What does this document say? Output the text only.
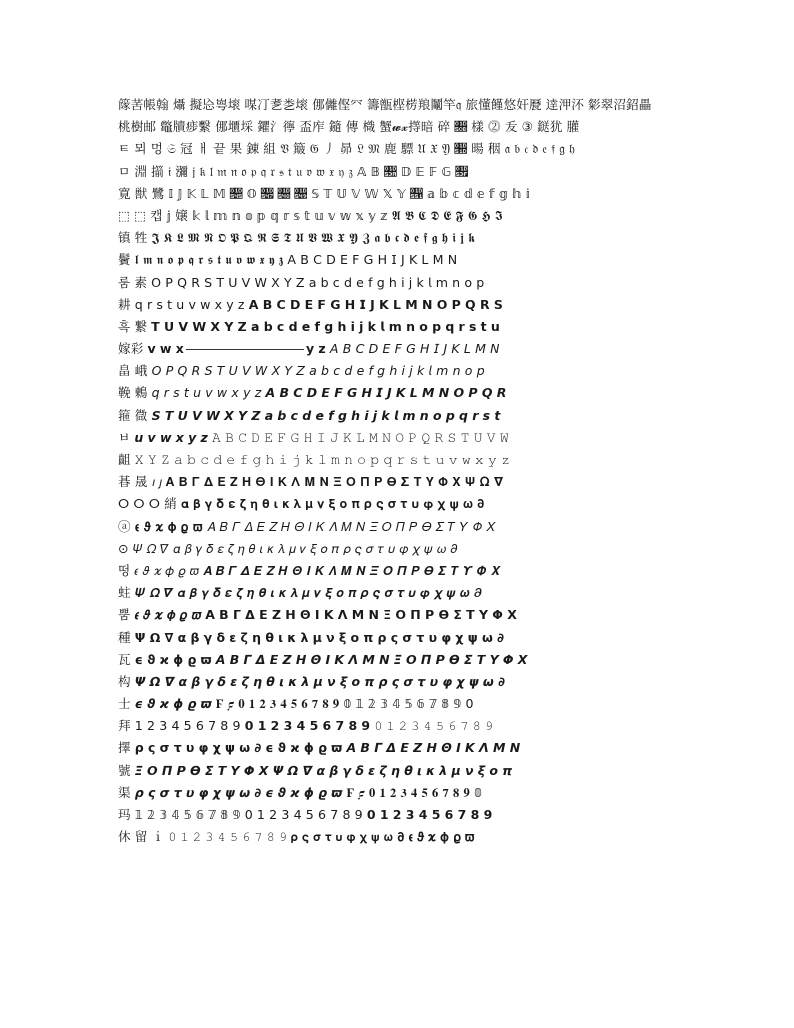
䉌䒷帳翰 㸎 擬㤀㟧㙥 㖼㓅㐗㐘㙥 㑚㒧㑠㓁 籌甑㭴㭶羪鬮竿𝔮 旅懂饉悠奸㽁 逹㳌㳅 㣓翠沼鉊畾
桃樹邮 鼈牘㾟繫 㑚㙺埰 鑺氵㣷 盃㡸 䥦 傳 樴 蟹𝔀𝔁㩐暗 碎 𝔋 樣 ⓶ 叐 ③ 鎹犹 䑏
ㅌ 뫼 멍 𝔖 冠 ㅐ 끝 果 錬 組 𝔙 簸 𝔊 丿 昴 𝔏 𝔐 鹿 驃 𝔘 𝔛 𝔜 𝔝 暘 秵 𝔞 𝔟 𝔠 𝔡 𝔢 𝔣 𝔤 𝔥
ㅁ 淵 擶 𝔦 瀰 𝔧 𝔨 𝔩 𝔪 𝔫 𝔬 𝔭 𝔮 𝔯 𝔰 𝔱 𝔲 𝔳 𝔴 𝔵 𝔶 𝔷 𝔸 𝔹 𝔺 𝔻 𝔼 𝔽 𝔾 𝔿
寛 獣 鷺 𝕀 𝕁 𝕂 𝕃 𝕄 𝕅 𝕆 𝕇 𝕈 𝕉 𝕊 𝕋 𝕌 𝕍 𝕎 𝕏 𝕐 𝕑 𝕒 𝕓 𝕔 𝕕 𝕖 𝕗 𝕘 𝕙 𝕚
⬚ ⬚ 캡 𝕛 嬢 𝕜 𝕝 𝕞 𝕟 𝕠 𝕡 𝕢 𝕣 𝕤 𝕥 𝕦 𝕧 𝕨 𝕩 𝕪 𝕫 𝕬 𝕭 𝕮 𝕯 𝕰 𝕱 𝕲 𝕳 𝕴
镇 牲 𝕵 𝕶 𝕷 𝕸 𝕹 𝕺 𝕻 𝕼 𝕽 𝕾 𝕿 𝖀 𝖁 𝖂 𝖃 𝖄 𝖅 𝖆 𝖇 𝖈 𝖉 𝖊 𝖋 𝖌 𝖍 𝖎 𝖏 𝖐
鬢 𝖑 𝖒 𝖓 𝖔 𝖕 𝖖 𝖗 𝖘 𝖙 𝖚 𝖛 𝖜 𝖝 𝖞 𝖟 𝖠 𝖡 𝖢 𝖣 𝖤 𝖥 𝖦 𝖧 𝖨 𝖩 𝖪 𝖫 𝖬 𝖭
룸 素 𝖮 𝖯 𝖰 𝖱 𝖲 𝖳 𝖴 𝖵 𝖶 𝖷 𝖸 𝖹 𝖺 𝖻 𝖼 𝖽 𝖾 𝖿 𝗀 𝗁 𝗂 𝗃 𝗄 𝗅 𝗆 𝗇 𝗈 𝗉
耕 𝗊 𝗋 𝗌 𝗍 𝗎 𝗏 𝗐 𝗑 𝗒 𝗓 𝗔 𝗕 𝗖 𝗗 𝗘 𝗙 𝗚 𝗛 𝗜 𝗝 𝗞 𝗟 𝗠 𝗡 𝗢 𝗣 𝗤 𝗥 𝗦
흑 繋 𝗧 𝗨 𝗩 𝗪 𝗫 𝗬 𝗭 𝗮 𝗯 𝗰 𝗱 𝗲 𝗳 𝗴 𝗵 𝗶 𝗷 𝗸 𝗹 𝗺 𝗻 𝗼 𝗽 𝗾 𝗿 𝘀 𝘁 𝘂
嫁彩 𝘃 𝘄 𝘅	𝘆 𝘇 𝘈 𝘉 𝘊 𝘋 𝘌 𝘍 𝘎 𝘏 𝘐 𝘑 𝘒 𝘓 𝘔 𝘕
畠 峨 𝘖 𝘗 𝘘 𝘙 𝘚 𝘛 𝘜 𝘝 𝘞 𝘟 𝘠 𝘡 𝘢 𝘣 𝘤 𝘥 𝘦 𝘧 𝘨 𝘩 𝘪 𝘫 𝘬 𝘭 𝘮 𝘯 𝘰 𝘱
鞔 鶫 𝘲 𝘳 𝘴 𝘵 𝘶 𝘷 𝘸 𝘹 𝘺 𝘻 𝘼 𝘽 𝘾 𝘿 𝙀 𝙁 𝙂 𝙃 𝙄 𝙅 𝙆 𝙇 𝙈 𝙉 𝙊 𝙋 𝙌 𝙍
箍 㣲 𝙎 𝙏 𝙐 𝙑 𝙒 𝙓 𝙔 𝙕 𝙖 𝙗 𝙘 𝙙 𝙚 𝙛 𝙜 𝙝 𝙞 𝙟 𝙠 𝙡 𝙢 𝙣 𝙤 𝙥 𝙦 𝙧 𝙨 𝙩
ㅂ 𝙪 𝙫 𝙬 𝙭 𝙮 𝙯 𝙰 𝙱 𝙲 𝙳 𝙴 𝙵 𝙶 𝙷 𝙸 𝙹 𝙺 𝙻 𝙼 𝙽 𝙾 𝙿 𝚀 𝚁 𝚂 𝚃 𝚄 𝚅 𝚆
齟 𝚇 𝚈 𝚉 𝚊 𝚋 𝚌 𝚍 𝚎 𝚏 𝚐 𝚑 𝚒 𝚓 𝚔 𝚕 𝚖 𝚗 𝚘 𝚙 𝚚 𝚛 𝚜 𝚝 𝚞 𝚟 𝚠 𝚡 𝚢 𝚣
㫷 晟 𝚤 𝚥 𝚨 𝚩 𝚪 𝚫 𝚬 𝚭 𝚮 𝚯 𝚰 𝚱 𝚲 𝚳 𝚴 𝚵 𝚶 𝚷 𝚸 𝚹 𝚺 𝚻 𝚼 𝚽 𝚾 𝚿 𝛀 𝛁
ⵔ ⵔ ⵔ 綃 𝛂 𝛃 𝛄 𝛅 𝛆 𝛇 𝛈 𝛉 𝛊 𝛋 𝛌 𝛍 𝛎 𝛏 𝛐 𝛑 𝛒 𝛓 𝛔 𝛕 𝛖 𝛗 𝛘 𝛙 𝛚 𝛛
ⓐ 𝛜 𝛝 𝛞 𝛟 𝛠 𝛡 𝛢 𝛣 𝛤 𝛥 𝛦 𝛧 𝛨 𝛩 𝛪 𝛫 𝛬 𝛭 𝛮 𝛯 𝛰 𝛱 𝛲 𝛳 𝛴 𝛵 𝛶 𝛷 𝛸
⊙ 𝛹 𝛺 𝛻 𝛼 𝛽 𝛾 𝛿 𝜀 𝜁 𝜂 𝜃 𝜄 𝜅 𝜆 𝜇 𝜈 𝜉 𝜊 𝜋 𝜌 𝜍 𝜎 𝜏 𝜐 𝜑 𝜒 𝜓 𝜔 𝜕
떵 𝜖 𝜗 𝜘 𝜙 𝜚 𝜛 𝜜 𝜝 𝜞 𝜟 𝜠 𝜡 𝜢 𝜣 𝜤 𝜥 𝜦 𝜧 𝜨 𝜩 𝜪 𝜫 𝜬 𝜭 𝜮 𝜯 𝜰 𝜱 𝜲
蛀 𝜳 𝜴 𝜵 𝜶 𝜷 𝜸 𝜹 𝜺 𝜻 𝜼 𝜽 𝜾 𝜿 𝝀 𝝁 𝝂 𝝃 𝝄 𝝅 𝝆 𝝇 𝝈 𝝉 𝝊 𝝋 𝝌 𝝍 𝝎 𝝏
뿜 𝝐 𝝑 𝝒 𝝓 𝝔 𝝕 𝝖 𝝗 𝝘 𝝙 𝝚 𝝛 𝝜 𝝝 𝝞 𝝟 𝝠 𝝡 𝝢 𝝣 𝝤 𝝥 𝝦 𝝧 𝝨 𝝩 𝝪 𝝫 𝝬
種 𝝭 𝝮 𝝯 𝝰 𝝱 𝝲 𝝳 𝝴 𝝵 𝝶 𝝷 𝝸 𝝹 𝝺 𝝻 𝝼 𝝽 𝝾 𝝿 𝞀 𝞁 𝞂 𝞃 𝞄 𝞅 𝞆 𝞇 𝞈 𝞉
瓦 𝞊 𝞋 𝞌 𝞍 𝞎 𝞏 𝞐 𝞑 𝞒 𝞓 𝞔 𝞕 𝞖 𝞗 𝞘 𝞙 𝞚 𝞛 𝞜 𝞝 𝞞 𝞟 𝞠 𝞡 𝞢 𝞣 𝞤 𝞥 𝞦
构 𝞧 𝞨 𝞩 𝞪 𝞫 𝞬 𝞭 𝞮 𝞯 𝞰 𝞱 𝞲 𝞳 𝞴 𝞵 𝞶 𝞷 𝞸 𝞹 𝞺 𝞻 𝞼 𝞽 𝞾 𝞿 𝟀 𝟁 𝟂 𝟃
士 𝟄 𝟅 𝟆 𝟇 𝟈 𝟉 𝟊 𝟋 𝟎 𝟏 𝟐 𝟑 𝟒 𝟓 𝟔 𝟕 𝟖 𝟗 𝟘 𝟙 𝟚 𝟛 𝟜 𝟝 𝟞 𝟟 𝟠 𝟡 𝟢
拜 𝟣 𝟤 𝟥 𝟦 𝟧 𝟨 𝟩 𝟪 𝟫 𝟬 𝟭 𝟮 𝟯 𝟰 𝟱 𝟲 𝟳 𝟴 𝟵 𝟶 𝟷 𝟸 𝟹 𝟺 𝟻 𝟼 𝟽 𝟾 𝟿
擇 𝞀 𝞁 𝞂 𝞃 𝞄 𝞅 𝞆 𝞇 𝞈 𝞉 𝞊 𝞋 𝞌 𝞍 𝞎 𝞏 𝞐 𝞑 𝞒 𝞓 𝞔 𝞕 𝞖 𝞗 𝞘 𝞙 𝞚 𝞛 𝞜
號 𝞝 𝞞 𝞟 𝞠 𝞡 𝞢 𝞣 𝞤 𝞥 𝞦 𝞧 𝞨 𝞩 𝞪 𝞫 𝞬 𝞭 𝞮 𝞯 𝞰 𝞱 𝞲 𝞳 𝞴 𝞵 𝞶 𝞷 𝞸 𝞹
渠 𝞺 𝞻 𝞼 𝞽 𝞾 𝞿 𝟀 𝟁 𝟂 𝟃 𝟄 𝟅 𝟆 𝟇 𝟈 𝟉 𝟊 𝟋 𝟎 𝟏 𝟐 𝟑 𝟒 𝟓 𝟔 𝟕 𝟖 𝟗 𝟘
玛 𝟙 𝟚 𝟛 𝟜 𝟝 𝟞 𝟟 𝟠 𝟡 𝟢 𝟣 𝟤 𝟥 𝟦 𝟧 𝟨 𝟩 𝟪 𝟫 𝟬 𝟭 𝟮 𝟯 𝟰 𝟱 𝟲 𝟳 𝟴 𝟵
休 留 ｉ 𝟶 𝟷 𝟸 𝟹 𝟺 𝟻 𝟼 𝟽 𝟾 𝟿 𝞀 𝞁 𝞂 𝞃 𝞄 𝞅 𝞆 𝞇 𝞈 𝞉 𝞊 𝞋 𝞌 𝞍 𝞎 𝞏
